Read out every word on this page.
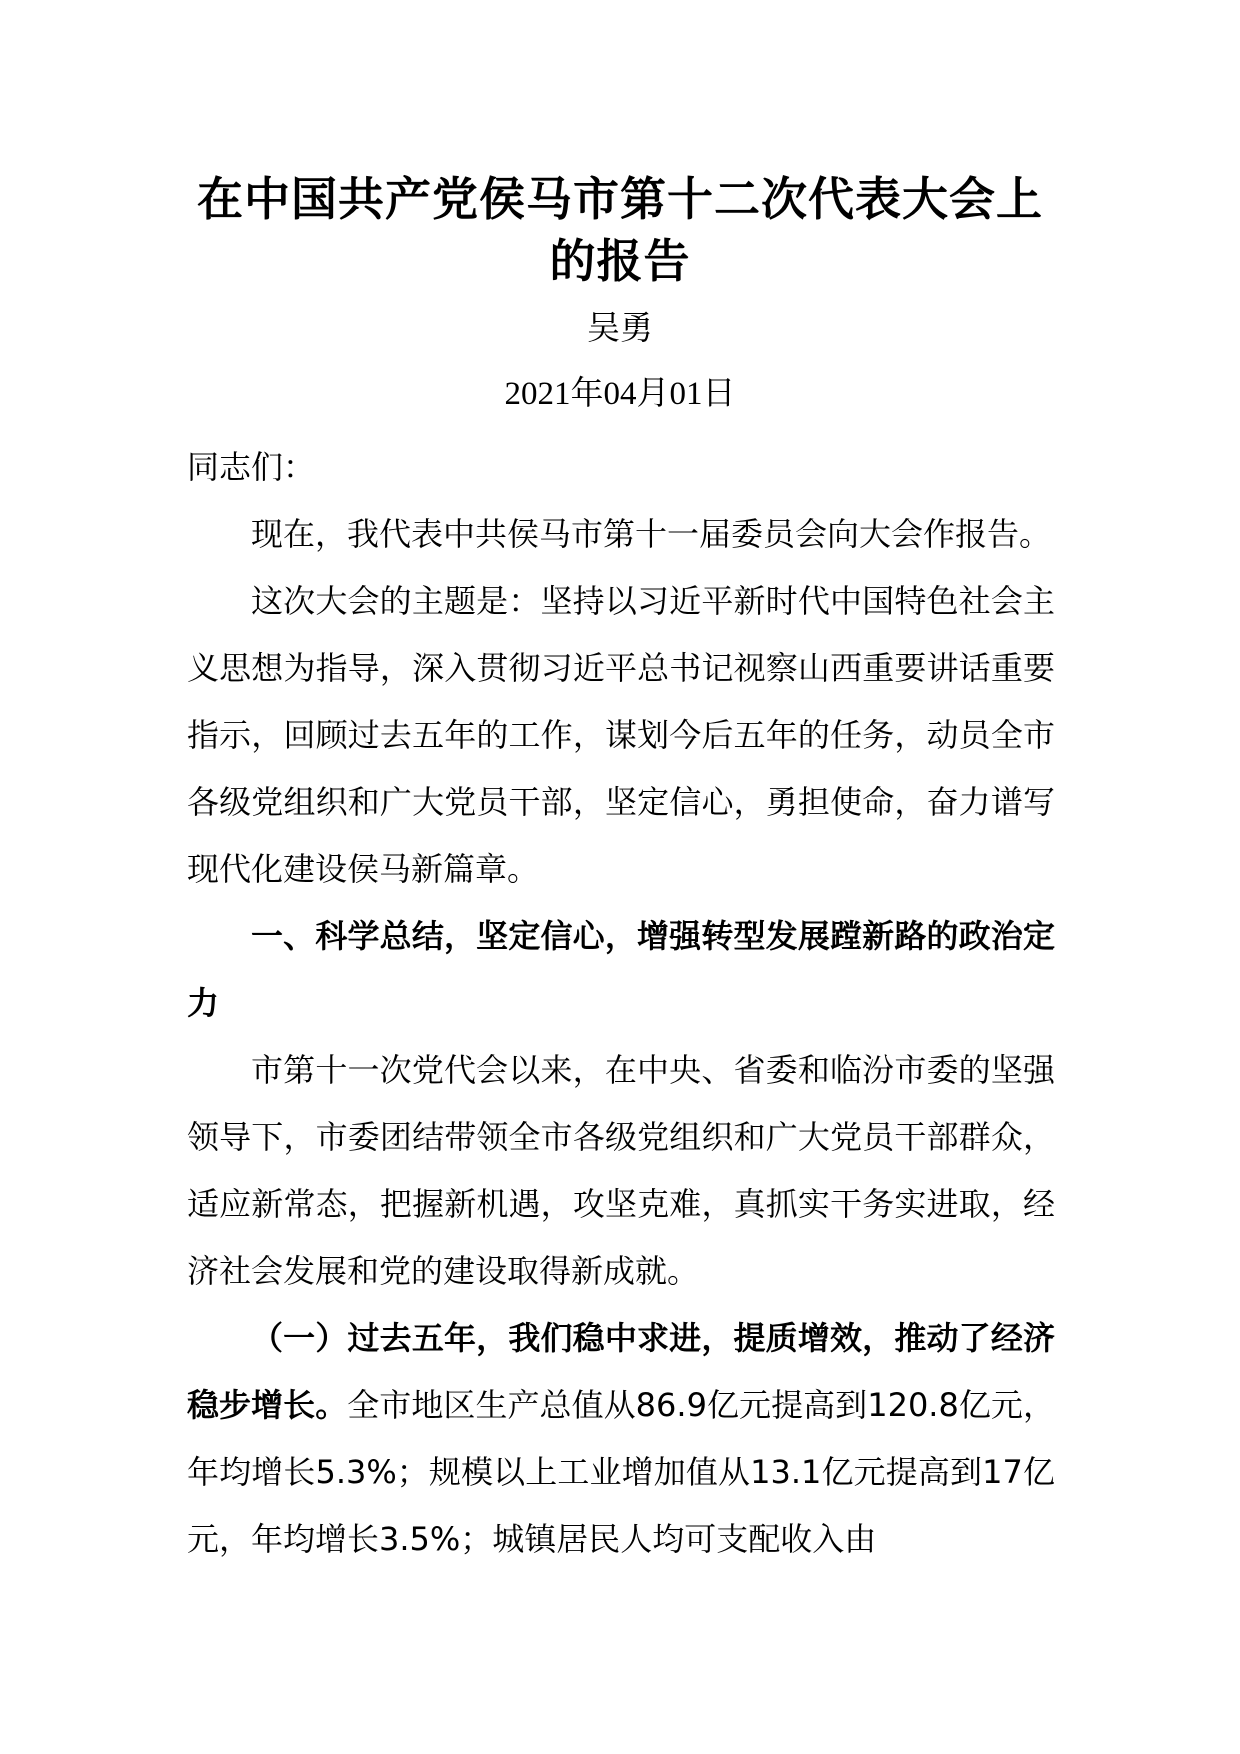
在中国共产党侯马市第十二次代表大会上的报告
吴勇
2021年04月01日

同志们：

现在，我代表中共侯马市第十一届委员会向大会作报告。

这次大会的主题是：坚持以习近平新时代中国特色社会主义思想为指导，深入贯彻习近平总书记视察山西重要讲话重要指示，回顾过去五年的工作，谋划今后五年的任务，动员全市各级党组织和广大党员干部，坚定信心，勇担使命，奋力谱写现代化建设侯马新篇章。

一、科学总结，坚定信心，增强转型发展蹚新路的政治定力

市第十一次党代会以来，在中央、省委和临汾市委的坚强领导下，市委团结带领全市各级党组织和广大党员干部群众，适应新常态，把握新机遇，攻坚克难，真抓实干务实进取，经济社会发展和党的建设取得新成就。

（一）过去五年，我们稳中求进，提质增效，推动了经济稳步增长。全市地区生产总值从86.9亿元提高到120.8亿元，年均增长5.3%；规模以上工业增加值从13.1亿元提高到17亿元，年均增长3.5%；城镇居民人均可支配收入由
